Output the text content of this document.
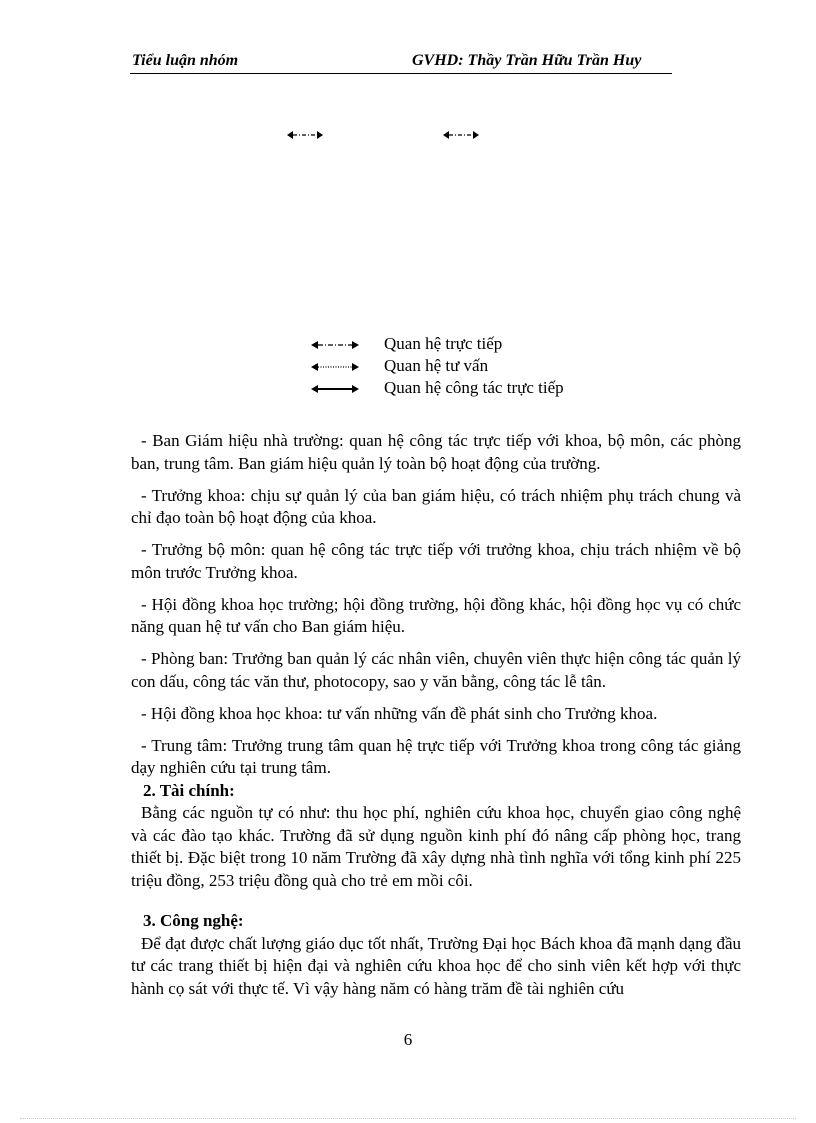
Tiểu luận nhóm	GVHD: Thầy Trần Hữu Trần Huy
Quan hệ trực tiếp
Quan hệ tư vấn
Quan hệ công tác trực tiếp

- Ban Giám hiệu nhà trường: quan hệ công tác trực tiếp với khoa, bộ môn, các phòng ban, trung tâm. Ban giám hiệu quản lý toàn bộ hoạt động của trường.

- Trưởng khoa: chịu sự quản lý của ban giám hiệu, có trách nhiệm phụ trách chung và chỉ đạo toàn bộ hoạt động của khoa.

- Trưởng bộ môn: quan hệ công tác trực tiếp với trưởng khoa, chịu trách nhiệm về bộ môn trước Trưởng khoa.

- Hội đồng khoa học trường; hội đồng trường, hội đồng khác, hội đồng học vụ có chức năng quan hệ tư vấn cho Ban giám hiệu.

- Phòng ban: Trưởng ban quản lý các nhân viên, chuyên viên thực hiện công tác quản lý con dấu, công tác văn thư, photocopy, sao y văn bằng, công tác lễ tân.

- Hội đồng khoa học khoa: tư vấn những vấn đề phát sinh cho Trưởng khoa.

- Trung tâm: Trưởng trung tâm quan hệ trực tiếp với Trưởng khoa trong công tác giảng dạy nghiên cứu tại trung tâm.

2. Tài chính:

Bằng các nguồn tự có như: thu học phí, nghiên cứu khoa học, chuyển giao công nghệ và các đào tạo khác. Trường đã sử dụng nguồn kinh phí đó nâng cấp phòng học, trang thiết bị. Đặc biệt trong 10 năm Trường đã xây dựng nhà tình nghĩa với tổng kinh phí 225 triệu đồng, 253 triệu đồng quà cho trẻ em mồi côi.

3. Công nghệ:

Để đạt được chất lượng giáo dục tốt nhất, Trường Đại học Bách khoa đã mạnh dạng đầu tư các trang thiết bị hiện đại và nghiên cứu khoa học để cho sinh viên kết hợp với thực hành cọ sát với thực tế. Vì vậy hàng năm có hàng trăm đề tài nghiên cứu

6
